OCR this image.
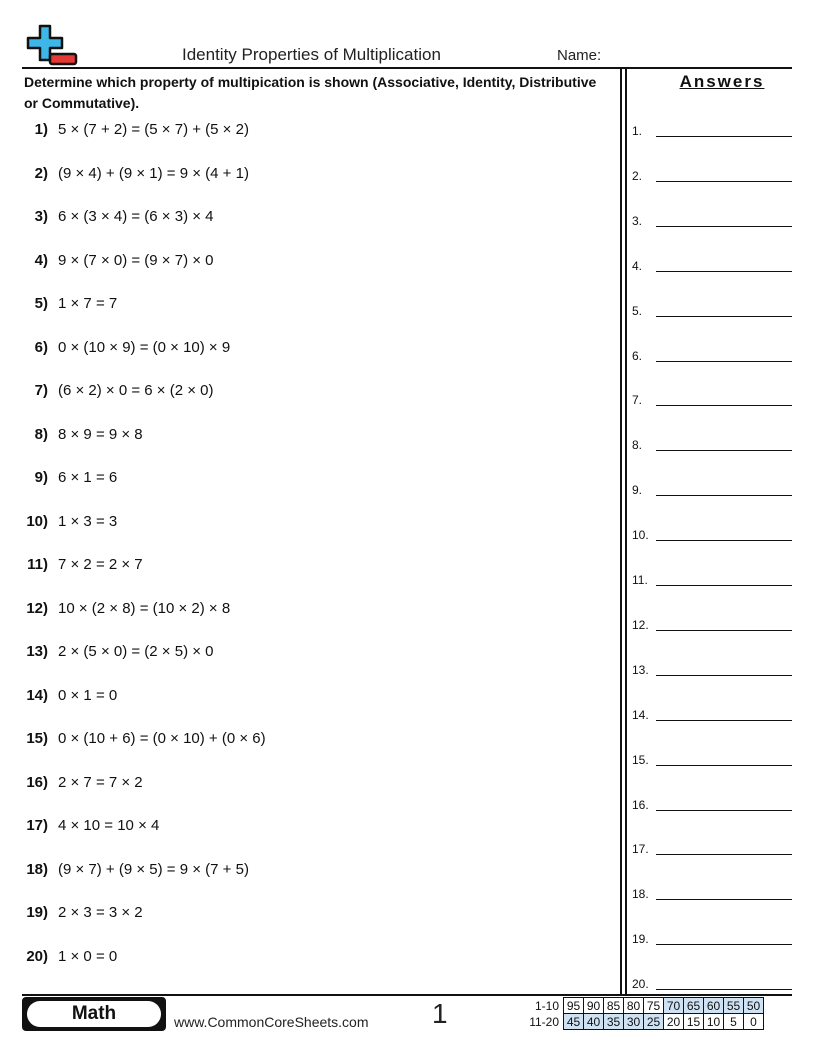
Identity Properties of Multiplication	Name:
Determine which property of multipication is shown (Associative, Identity, Distributive or Commutative).
Answers
1) 5 × (7 + 2) = (5 × 7) + (5 × 2)
2) (9 × 4) + (9 × 1) = 9 × (4 + 1)
3) 6 × (3 × 4) = (6 × 3) × 4
4) 9 × (7 × 0) = (9 × 7) × 0
5) 1 × 7 = 7
6) 0 × (10 × 9) = (0 × 10) × 9
7) (6 × 2) × 0 = 6 × (2 × 0)
8) 8 × 9 = 9 × 8
9) 6 × 1 = 6
10) 1 × 3 = 3
11) 7 × 2 = 2 × 7
12) 10 × (2 × 8) = (10 × 2) × 8
13) 2 × (5 × 0) = (2 × 5) × 0
14) 0 × 1 = 0
15) 0 × (10 + 6) = (0 × 10) + (0 × 6)
16) 2 × 7 = 7 × 2
17) 4 × 10 = 10 × 4
18) (9 × 7) + (9 × 5) = 9 × (7 + 5)
19) 2 × 3 = 3 × 2
20) 1 × 0 = 0
1.
2.
3.
4.
5.
6.
7.
8.
9.
10.
11.
12.
13.
14.
15.
16.
17.
18.
19.
20.
Math	www.CommonCoreSheets.com 1	1-10	95	90	85	80	75	70	65	60	55	50
11-20	45	40	35	30	25	20	15	10	5	0
